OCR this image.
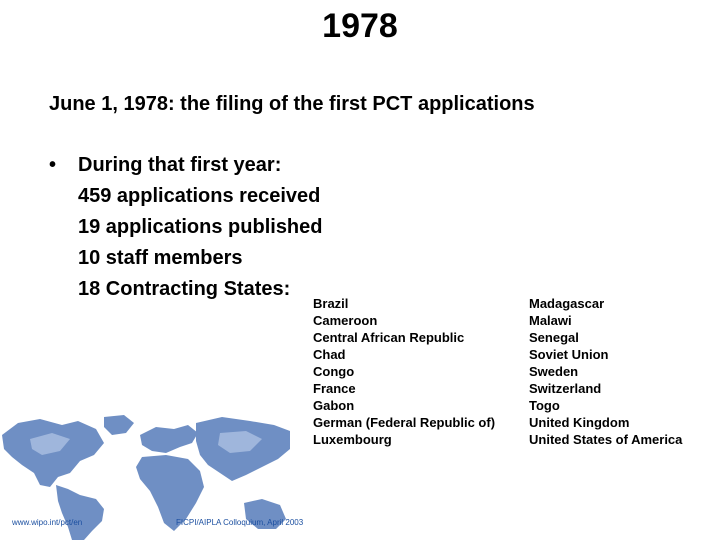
1978
June 1, 1978: the filing of the first PCT applications
• During that first year:
459 applications received
19 applications published
10 staff members
18 Contracting States:
Brazil
Cameroon
Central African Republic
Chad
Congo
France
Gabon
German (Federal Republic of)
Luxembourg
Madagascar
Malawi
Senegal
Soviet Union
Sweden
Switzerland
Togo
United Kingdom
United States of America
www.wipo.int/pct/en	FICPI/AIPLA Colloquium, April 2003
